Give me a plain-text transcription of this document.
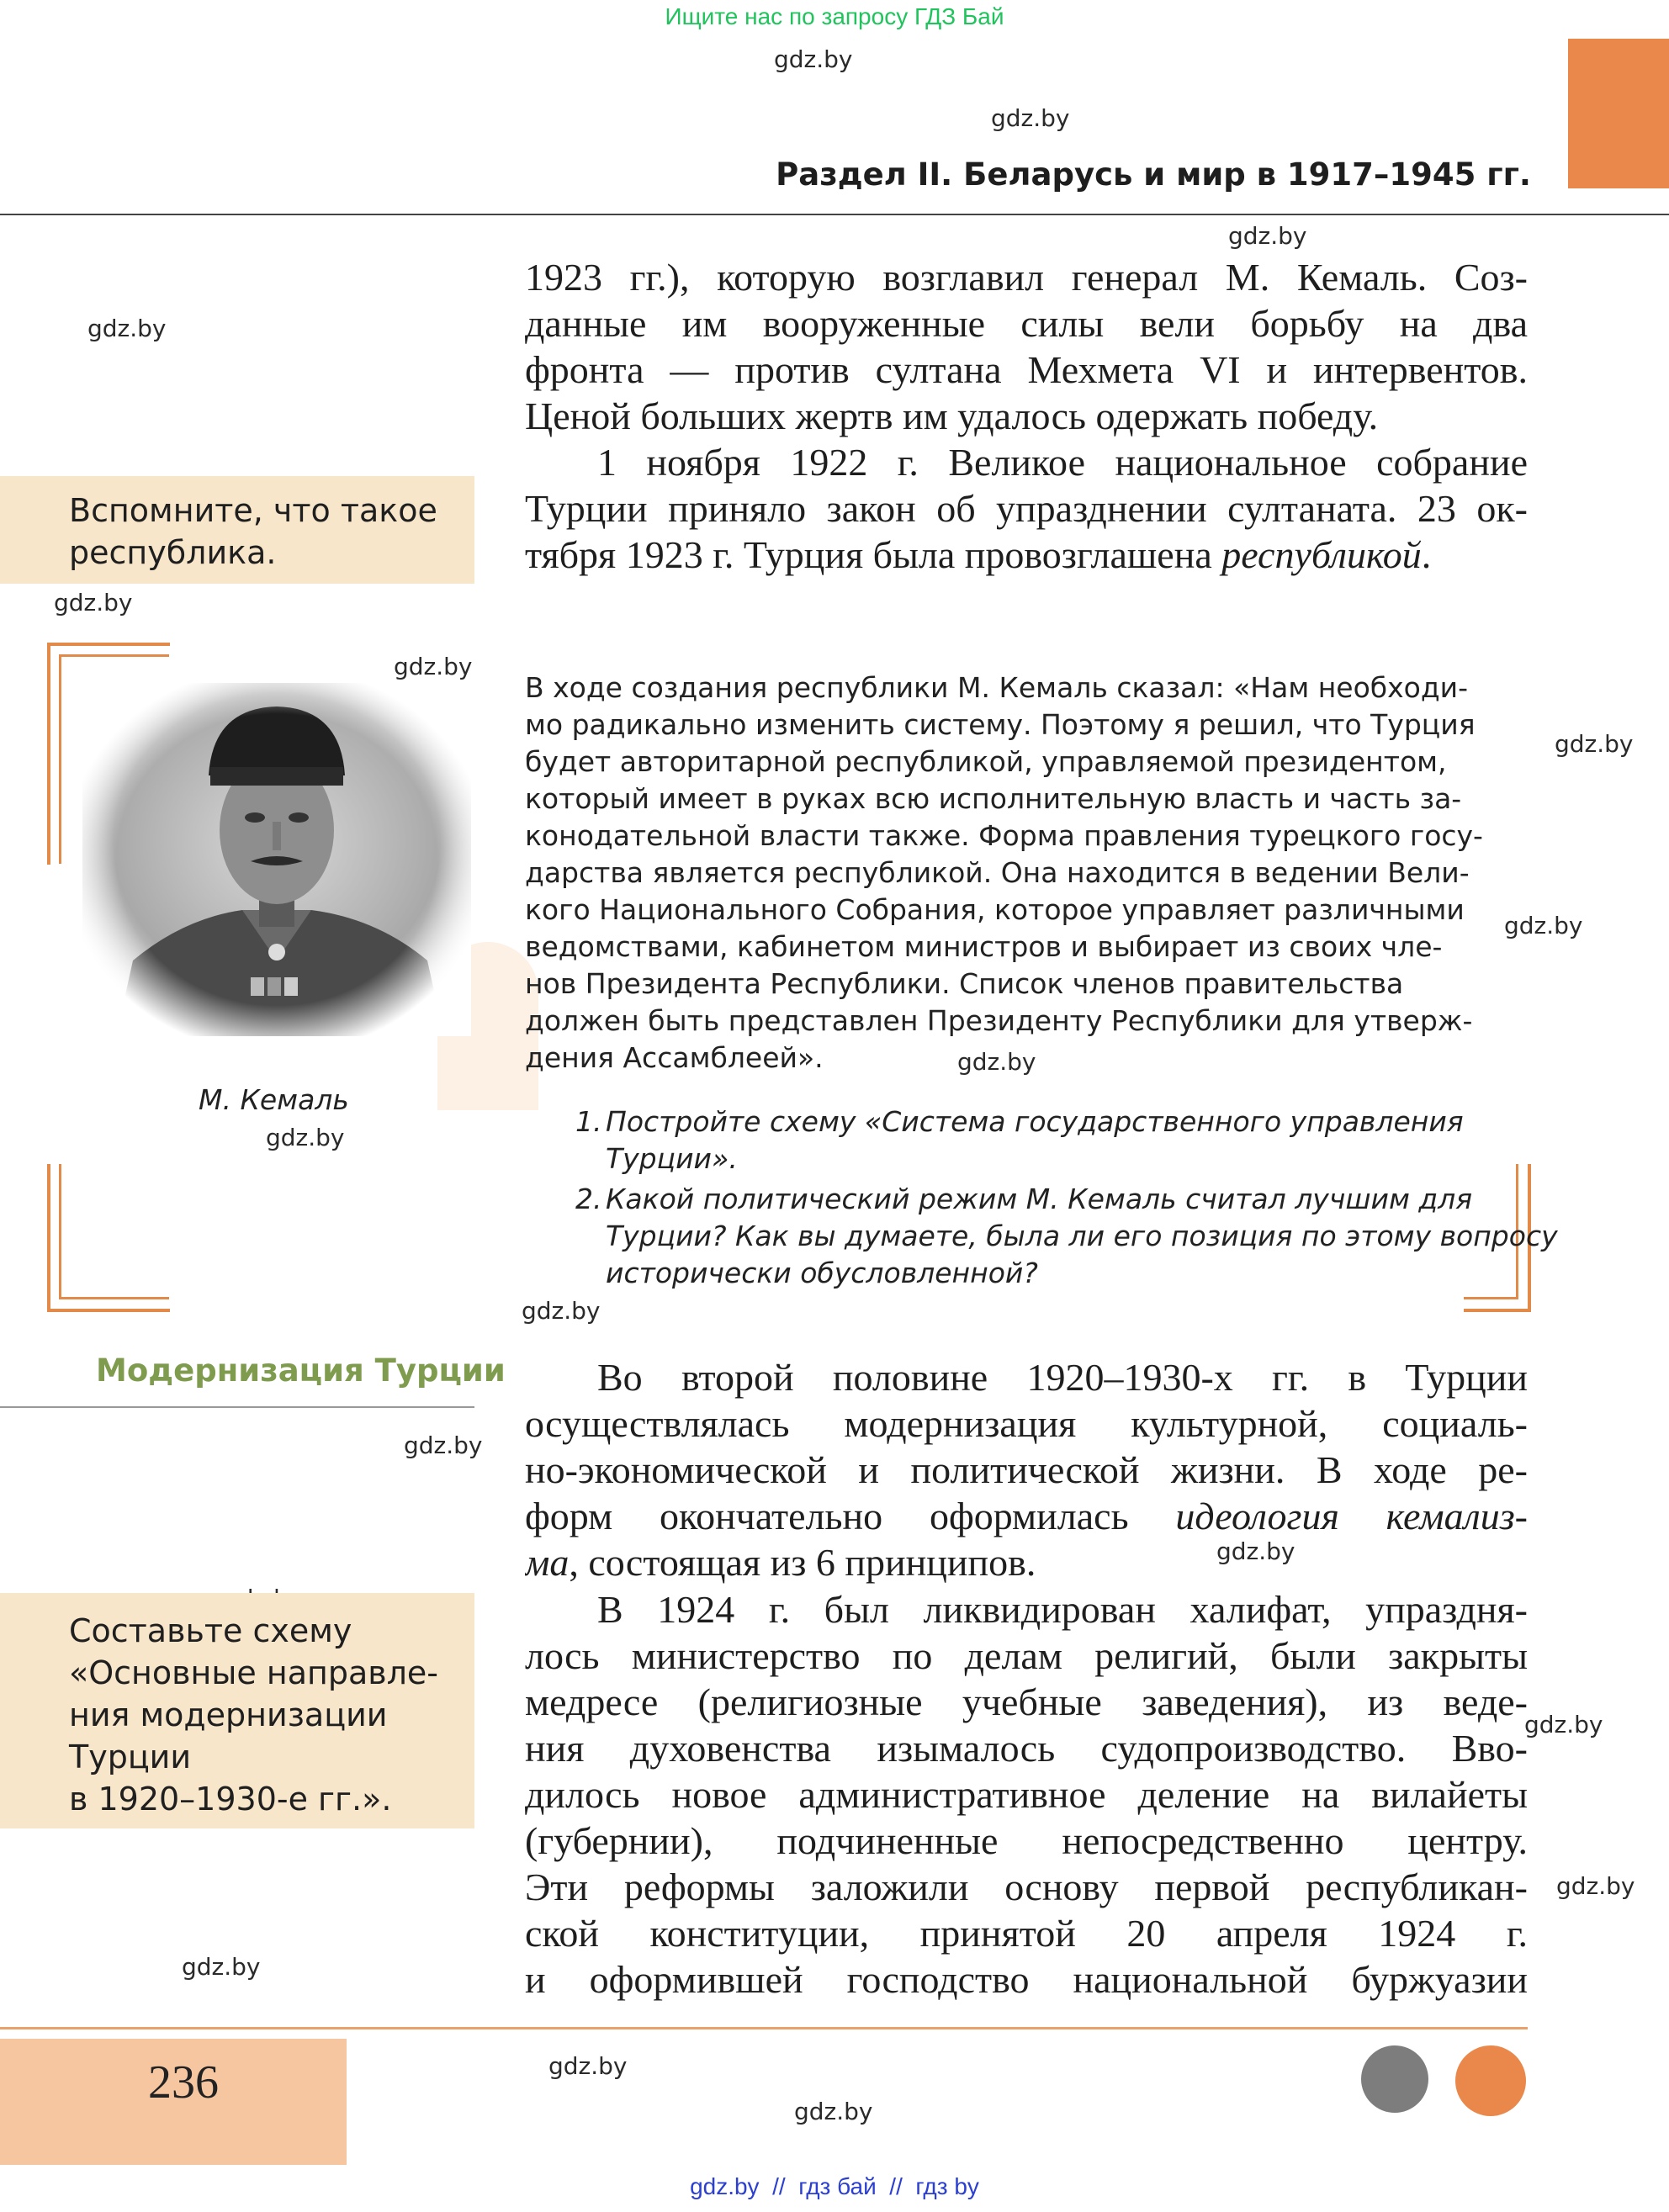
Ищите нас по запросу ГДЗ Бай
Раздел II. Беларусь и мир в 1917–1945 гг.
gdz.by
gdz.by
gdz.by
gdz.by
gdz.by
gdz.by
gdz.by
gdz.by
gdz.by
gdz.by
gdz.by
gdz.by
gdz.by
gdz.by
gdz.by
gdz.by
gdz.by
gdz.by
1923 гг.), которую возглавил генерал М. Кемаль. Соз-
данные им вооруженные силы вели борьбу на два
фронта — против султана Мехмета VI и интервентов.
Ценой больших жертв им удалось одержать победу.
1 ноября 1922 г. Великое национальное собрание
Турции приняло закон об упразднении султаната. 23 ок-
тября 1923 г. Турция была провозглашена республикой.
Вспомните, что такое
республика.
М. Кемаль
В ходе создания республики М. Кемаль сказал: «Нам необходи-
мо радикально изменить систему. Поэтому я решил, что Турция
будет авторитарной республикой, управляемой президентом,
который имеет в руках всю исполнительную власть и часть за-
конодательной власти также. Форма правления турецкого госу-
дарства является республикой. Она находится в ведении Вели-
кого Национального Собрания, которое управляет различными
ведомствами, кабинетом министров и выбирает из своих чле-
нов Президента Республики. Список членов правительства
должен быть представлен Президенту Республики для утверж-
дения Ассамблеей».
1. Постройте схему «Система государственного управления
Турции».
2. Какой политический режим М. Кемаль считал лучшим для
Турции? Как вы думаете, была ли его позиция по этому вопросу
исторически обусловленной?
Модернизация Турции	Во второй половине 1920–1930-х гг. в Турции
осуществлялась модернизация культурной, социаль-
но-экономической и политической жизни. В ходе ре-
форм окончательно оформилась идеология кемализ-
ма, состоящая из 6 принципов.
В 1924 г. был ликвидирован халифат, упраздня-
лось министерство по делам религий, были закрыты
медресе (религиозные учебные заведения), из веде-
ния духовенства изымалось судопроизводство. Вво-
дилось новое административное деление на вилайеты
(губернии), подчиненные непосредственно центру.
Эти реформы заложили основу первой республикан-
ской конституции, принятой 20 апреля 1924 г.
и оформившей господство национальной буржуазии
Составьте схему
«Основные направле-
ния модернизации
Турции
в 1920–1930-е гг.».
236
gdz.by  //  гдз бай  //  гдз by
